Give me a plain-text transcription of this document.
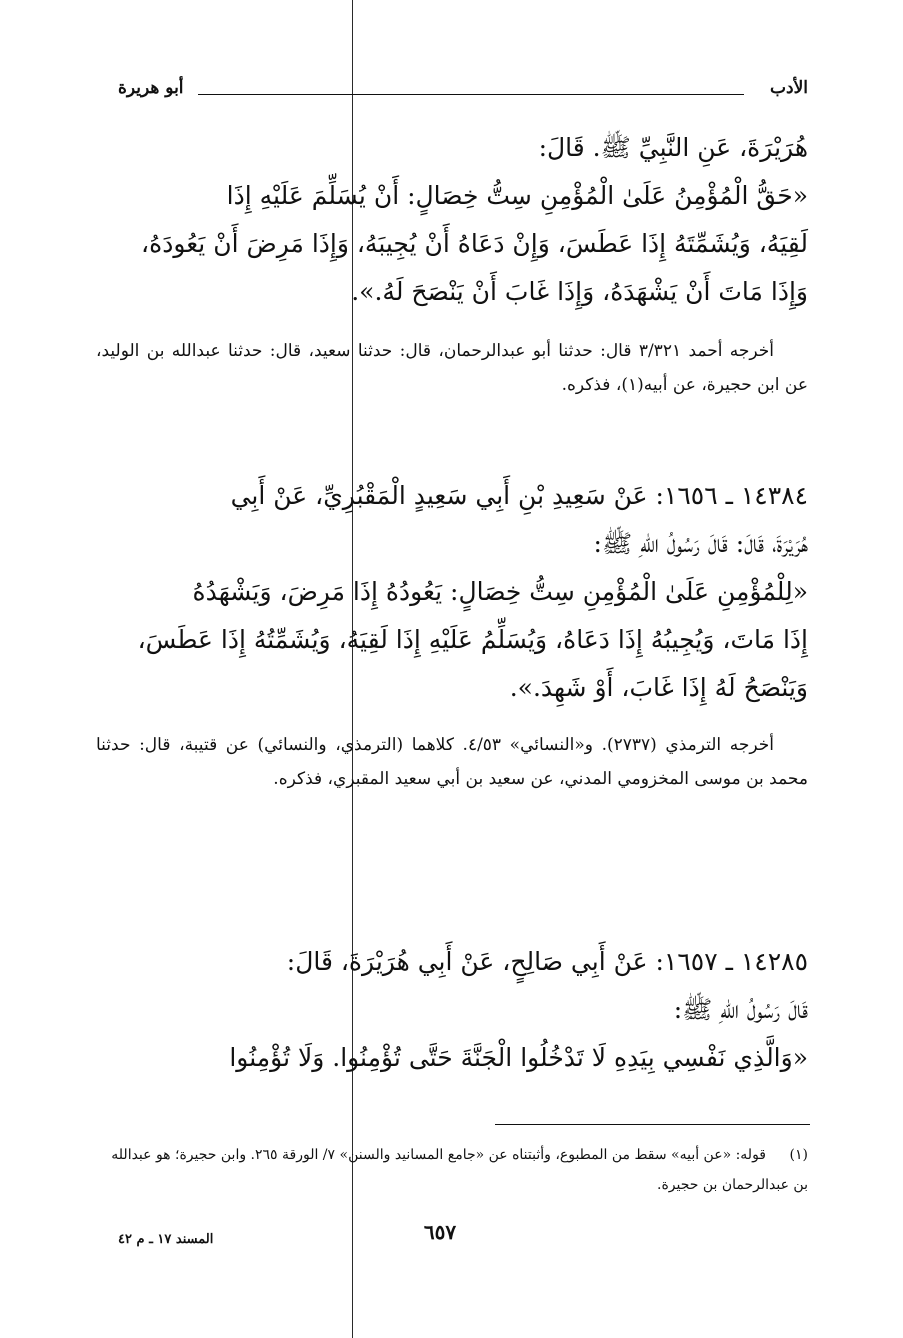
الأدب
أبو هريرة
هُرَيْرَةَ، عَنِ النَّبِيِّ ﷺ. قَالَ:
«حَقُّ الْمُؤْمِنُ عَلَىٰ الْمُؤْمِنِ سِتُّ خِصَالٍ: أَنْ يُسَلِّمَ عَلَيْهِ إِذَا
لَقِيَهُ، وَيُشَمِّتَهُ إِذَا عَطَسَ، وَإِنْ دَعَاهُ أَنْ يُجِيبَهُ، وَإِذَا مَرِضَ أَنْ يَعُودَهُ،
وَإِذَا مَاتَ أَنْ يَشْهَدَهُ، وَإِذَا غَابَ أَنْ يَنْصَحَ لَهُ.».
أخرجه أحمد ٣/٣٢١ قال: حدثنا أبو عبدالرحمان، قال: حدثنا سعيد، قال: حدثنا عبدالله بن الوليد، عن ابن حجيرة، عن أبيه(١)، فذكره.
١٤٣٨٤ ـ ١٦٥٦: عَنْ سَعِيدِ بْنِ أَبِي سَعِيدٍ الْمَقْبُرِيِّ، عَنْ أَبِي
هُرَيْرَةَ، قَالَ: قَالَ رَسُولُ اللهِ ﷺ:
«لِلْمُؤْمِنِ عَلَىٰ الْمُؤْمِنِ سِتُّ خِصَالٍ: يَعُودُهُ إِذَا مَرِضَ، وَيَشْهَدُهُ
إِذَا مَاتَ، وَيُجِيبُهُ إِذَا دَعَاهُ، وَيُسَلِّمُ عَلَيْهِ إِذَا لَقِيَهُ، وَيُشَمِّتُهُ إِذَا عَطَسَ،
وَيَنْصَحُ لَهُ إِذَا غَابَ، أَوْ شَهِدَ.».
أخرجه الترمذي (٢٧٣٧). و«النسائي» ٤/٥٣. كلاهما (الترمذي، والنسائي) عن قتيبة، قال: حدثنا محمد بن موسى المخزومي المدني، عن سعيد بن أبي سعيد المقبري، فذكره.
١٤٢٨٥ ـ ١٦٥٧: عَنْ أَبِي صَالِحٍ، عَنْ أَبِي هُرَيْرَةَ، قَالَ:
قَالَ رَسُولُ اللهِ ﷺ:
«وَالَّذِي نَفْسِي بِيَدِهِ لَا تَدْخُلُوا الْجَنَّةَ حَتَّى تُؤْمِنُوا. وَلَا تُؤْمِنُوا
(١)قوله: «عن أبيه» سقط من المطبوع، وأثبتناه عن «جامع المسانيد والسنن» ٧/ الورقة ٢٦٥. وابن حجيرة؛ هو عبدالله بن عبدالرحمان بن حجيرة.
٦٥٧
المسند ١٧ ـ م ٤٢
